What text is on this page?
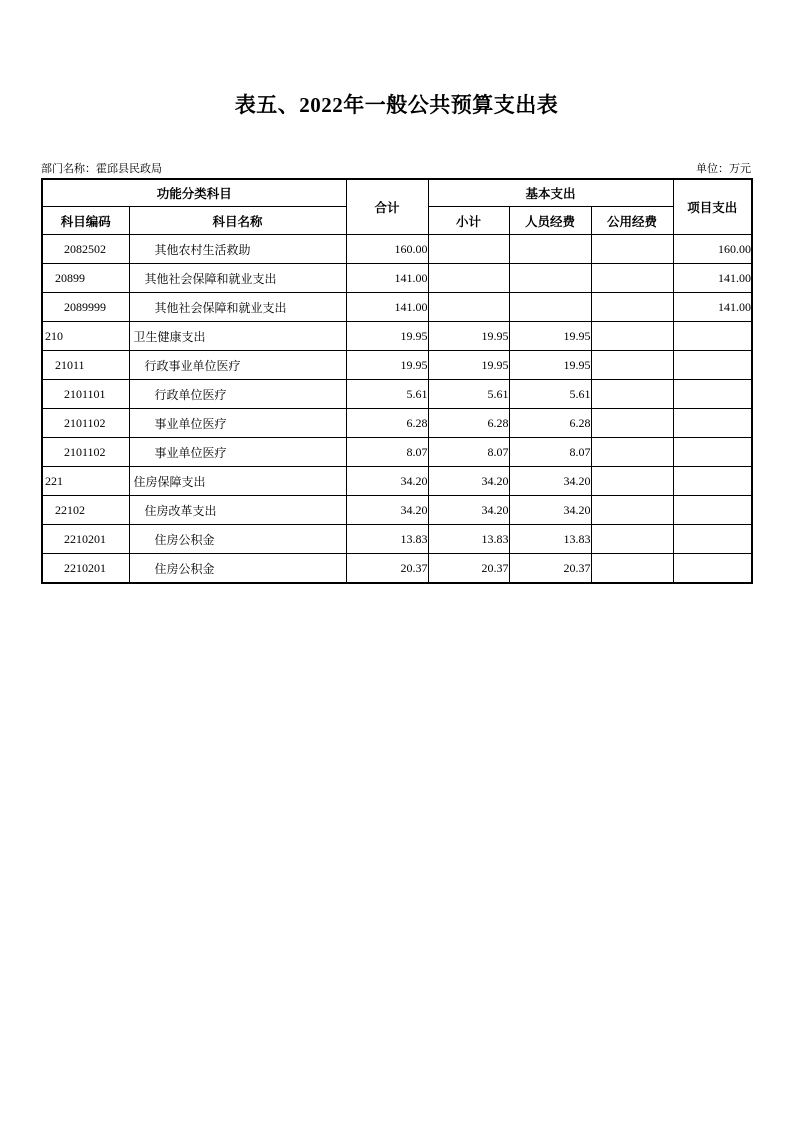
表五、2022年一般公共预算支出表
部门名称：霍邱县民政局	单位：万元
功能分类科目		合计	基本支出			项目支出
科目编码	科目名称		小计	人员经费	公用经费	
2082502	其他农村生活救助	160.00				160.00
20899	其他社会保障和就业支出	141.00				141.00
2089999	其他社会保障和就业支出	141.00				141.00
210	卫生健康支出	19.95	19.95	19.95		
21011	行政事业单位医疗	19.95	19.95	19.95		
2101101	行政单位医疗	5.61	5.61	5.61		
2101102	事业单位医疗	6.28	6.28	6.28		
2101102	事业单位医疗	8.07	8.07	8.07		
221	住房保障支出	34.20	34.20	34.20		
22102	住房改革支出	34.20	34.20	34.20		
2210201	住房公积金	13.83	13.83	13.83		
2210201	住房公积金	20.37	20.37	20.37		
